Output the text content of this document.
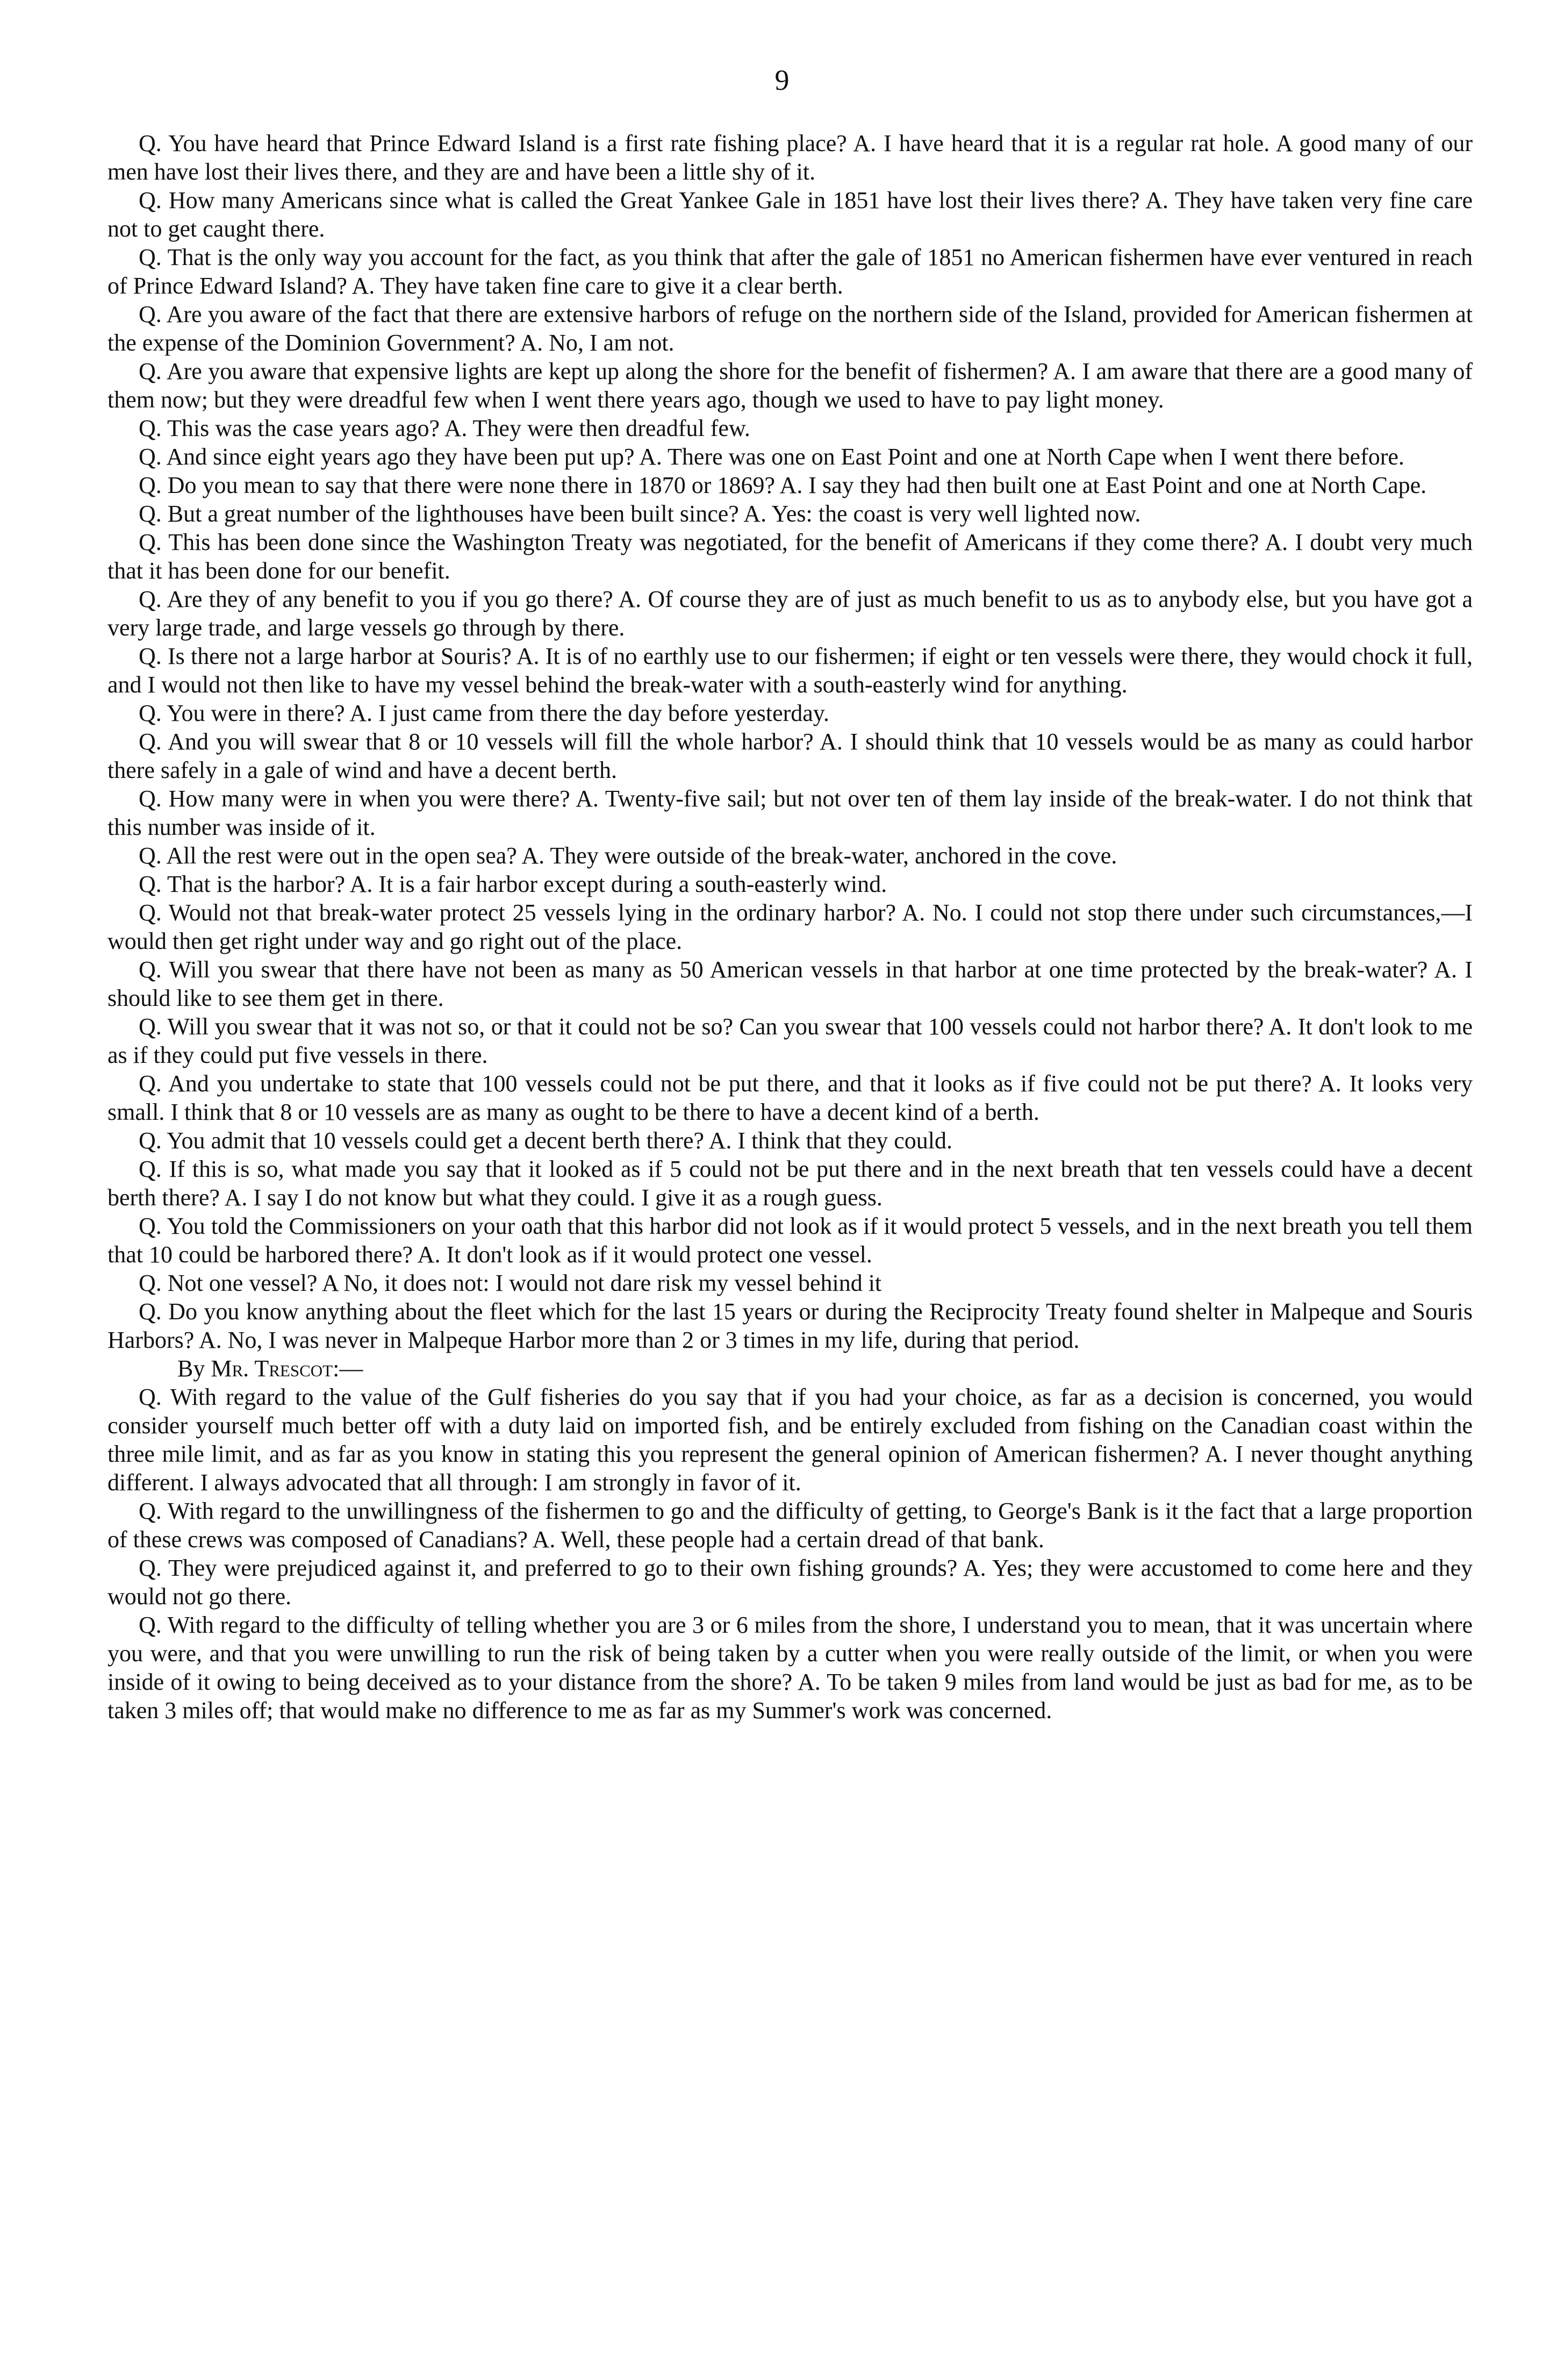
9

Q. You have heard that Prince Edward Island is a first rate fishing place? A. I have heard that it is a regular rat hole. A good many of our men have lost their lives there, and they are and have been a little shy of it.

Q. How many Americans since what is called the Great Yankee Gale in 1851 have lost their lives there? A. They have taken very fine care not to get caught there.

Q. That is the only way you account for the fact, as you think that after the gale of 1851 no American fishermen have ever ventured in reach of Prince Edward Island? A. They have taken fine care to give it a clear berth.

Q. Are you aware of the fact that there are extensive harbors of refuge on the northern side of the Island, provided for American fishermen at the expense of the Dominion Government? A. No, I am not.

Q. Are you aware that expensive lights are kept up along the shore for the benefit of fishermen? A. I am aware that there are a good many of them now; but they were dreadful few when I went there years ago, though we used to have to pay light money.

Q. This was the case years ago? A. They were then dreadful few.

Q. And since eight years ago they have been put up? A. There was one on East Point and one at North Cape when I went there before.

Q. Do you mean to say that there were none there in 1870 or 1869? A. I say they had then built one at East Point and one at North Cape.

Q. But a great number of the lighthouses have been built since? A. Yes: the coast is very well lighted now.

Q. This has been done since the Washington Treaty was negotiated, for the benefit of Americans if they come there? A. I doubt very much that it has been done for our benefit.

Q. Are they of any benefit to you if you go there? A. Of course they are of just as much benefit to us as to anybody else, but you have got a very large trade, and large vessels go through by there.

Q. Is there not a large harbor at Souris? A. It is of no earthly use to our fishermen; if eight or ten vessels were there, they would chock it full, and I would not then like to have my vessel behind the break-water with a south-easterly wind for anything.

Q. You were in there? A. I just came from there the day before yesterday.

Q. And you will swear that 8 or 10 vessels will fill the whole harbor? A. I should think that 10 vessels would be as many as could harbor there safely in a gale of wind and have a decent berth.

Q. How many were in when you were there? A. Twenty-five sail; but not over ten of them lay inside of the break-water. I do not think that this number was inside of it.

Q. All the rest were out in the open sea? A. They were outside of the break-water, anchored in the cove.

Q. That is the harbor? A. It is a fair harbor except during a south-easterly wind.

Q. Would not that break-water protect 25 vessels lying in the ordinary harbor? A. No. I could not stop there under such circumstances,—I would then get right under way and go right out of the place.

Q. Will you swear that there have not been as many as 50 American vessels in that harbor at one time protected by the break-water? A. I should like to see them get in there.

Q. Will you swear that it was not so, or that it could not be so? Can you swear that 100 vessels could not harbor there? A. It don't look to me as if they could put five vessels in there.

Q. And you undertake to state that 100 vessels could not be put there, and that it looks as if five could not be put there? A. It looks very small. I think that 8 or 10 vessels are as many as ought to be there to have a decent kind of a berth.

Q. You admit that 10 vessels could get a decent berth there? A. I think that they could.

Q. If this is so, what made you say that it looked as if 5 could not be put there and in the next breath that ten vessels could have a decent berth there? A. I say I do not know but what they could. I give it as a rough guess.

Q. You told the Commissioners on your oath that this harbor did not look as if it would protect 5 vessels, and in the next breath you tell them that 10 could be harbored there? A. It don't look as if it would protect one vessel.

Q. Not one vessel? A No, it does not: I would not dare risk my vessel behind it

Q. Do you know anything about the fleet which for the last 15 years or during the Reciprocity Treaty found shelter in Malpeque and Souris Harbors? A. No, I was never in Malpeque Harbor more than 2 or 3 times in my life, during that period.

By Mr. Trescot:—

Q. With regard to the value of the Gulf fisheries do you say that if you had your choice, as far as a decision is concerned, you would consider yourself much better off with a duty laid on imported fish, and be entirely excluded from fishing on the Canadian coast within the three mile limit, and as far as you know in stating this you represent the general opinion of American fishermen? A. I never thought anything different. I always advocated that all through: I am strongly in favor of it.

Q. With regard to the unwillingness of the fishermen to go and the difficulty of getting, to George's Bank is it the fact that a large proportion of these crews was composed of Canadians? A. Well, these people had a certain dread of that bank.

Q. They were prejudiced against it, and preferred to go to their own fishing grounds? A. Yes; they were accustomed to come here and they would not go there.

Q. With regard to the difficulty of telling whether you are 3 or 6 miles from the shore, I understand you to mean, that it was uncertain where you were, and that you were unwilling to run the risk of being taken by a cutter when you were really outside of the limit, or when you were inside of it owing to being deceived as to your distance from the shore? A. To be taken 9 miles from land would be just as bad for me, as to be taken 3 miles off; that would make no difference to me as far as my Summer's work was concerned.
